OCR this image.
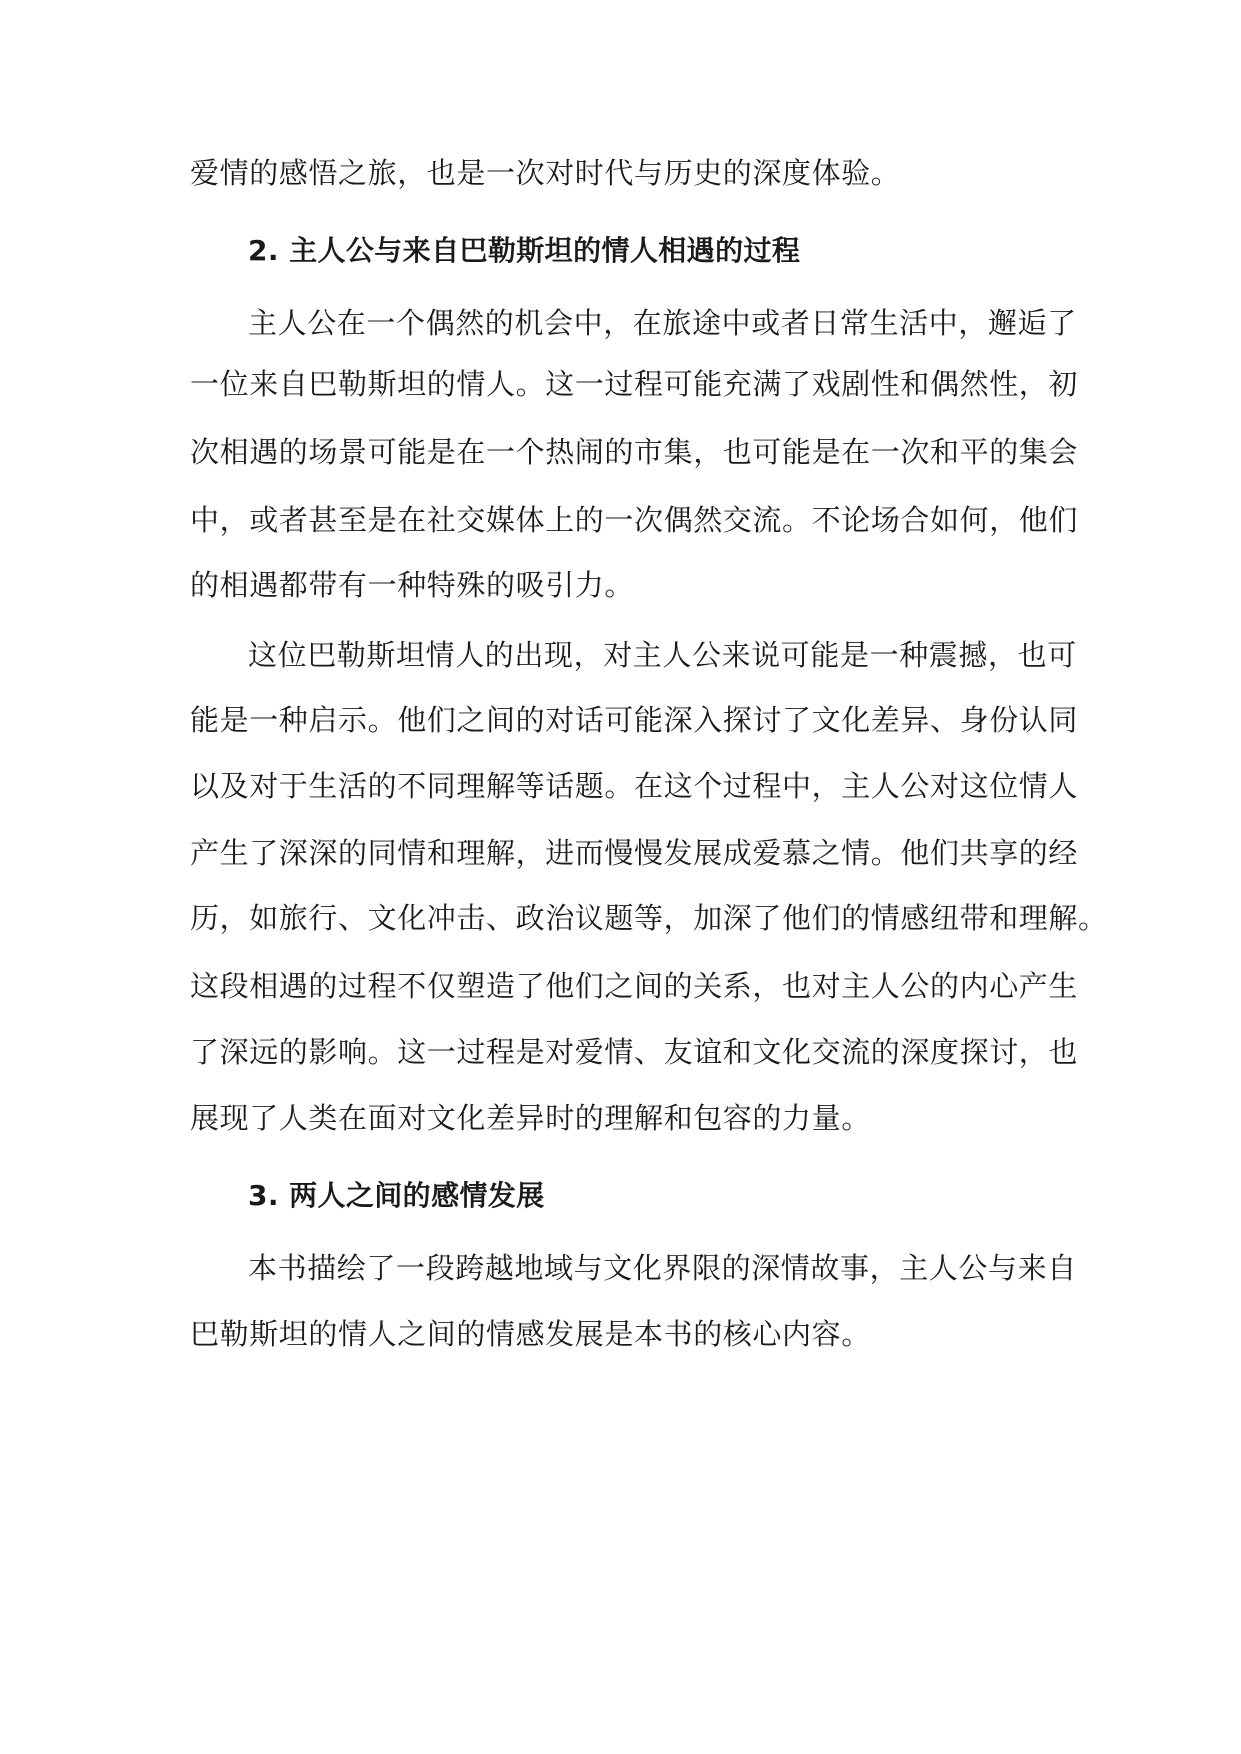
爱情的感悟之旅，也是一次对时代与历史的深度体验。
2. 主人公与来自巴勒斯坦的情人相遇的过程
主人公在一个偶然的机会中，在旅途中或者日常生活中，邂逅了
一位来自巴勒斯坦的情人。这一过程可能充满了戏剧性和偶然性，初
次相遇的场景可能是在一个热闹的市集，也可能是在一次和平的集会
中，或者甚至是在社交媒体上的一次偶然交流。不论场合如何，他们
的相遇都带有一种特殊的吸引力。
这位巴勒斯坦情人的出现，对主人公来说可能是一种震撼，也可
能是一种启示。他们之间的对话可能深入探讨了文化差异、身份认同
以及对于生活的不同理解等话题。在这个过程中，主人公对这位情人
产生了深深的同情和理解，进而慢慢发展成爱慕之情。他们共享的经
历，如旅行、文化冲击、政治议题等，加深了他们的情感纽带和理解。
这段相遇的过程不仅塑造了他们之间的关系，也对主人公的内心产生
了深远的影响。这一过程是对爱情、友谊和文化交流的深度探讨，也
展现了人类在面对文化差异时的理解和包容的力量。
3. 两人之间的感情发展
本书描绘了一段跨越地域与文化界限的深情故事，主人公与来自
巴勒斯坦的情人之间的情感发展是本书的核心内容。
